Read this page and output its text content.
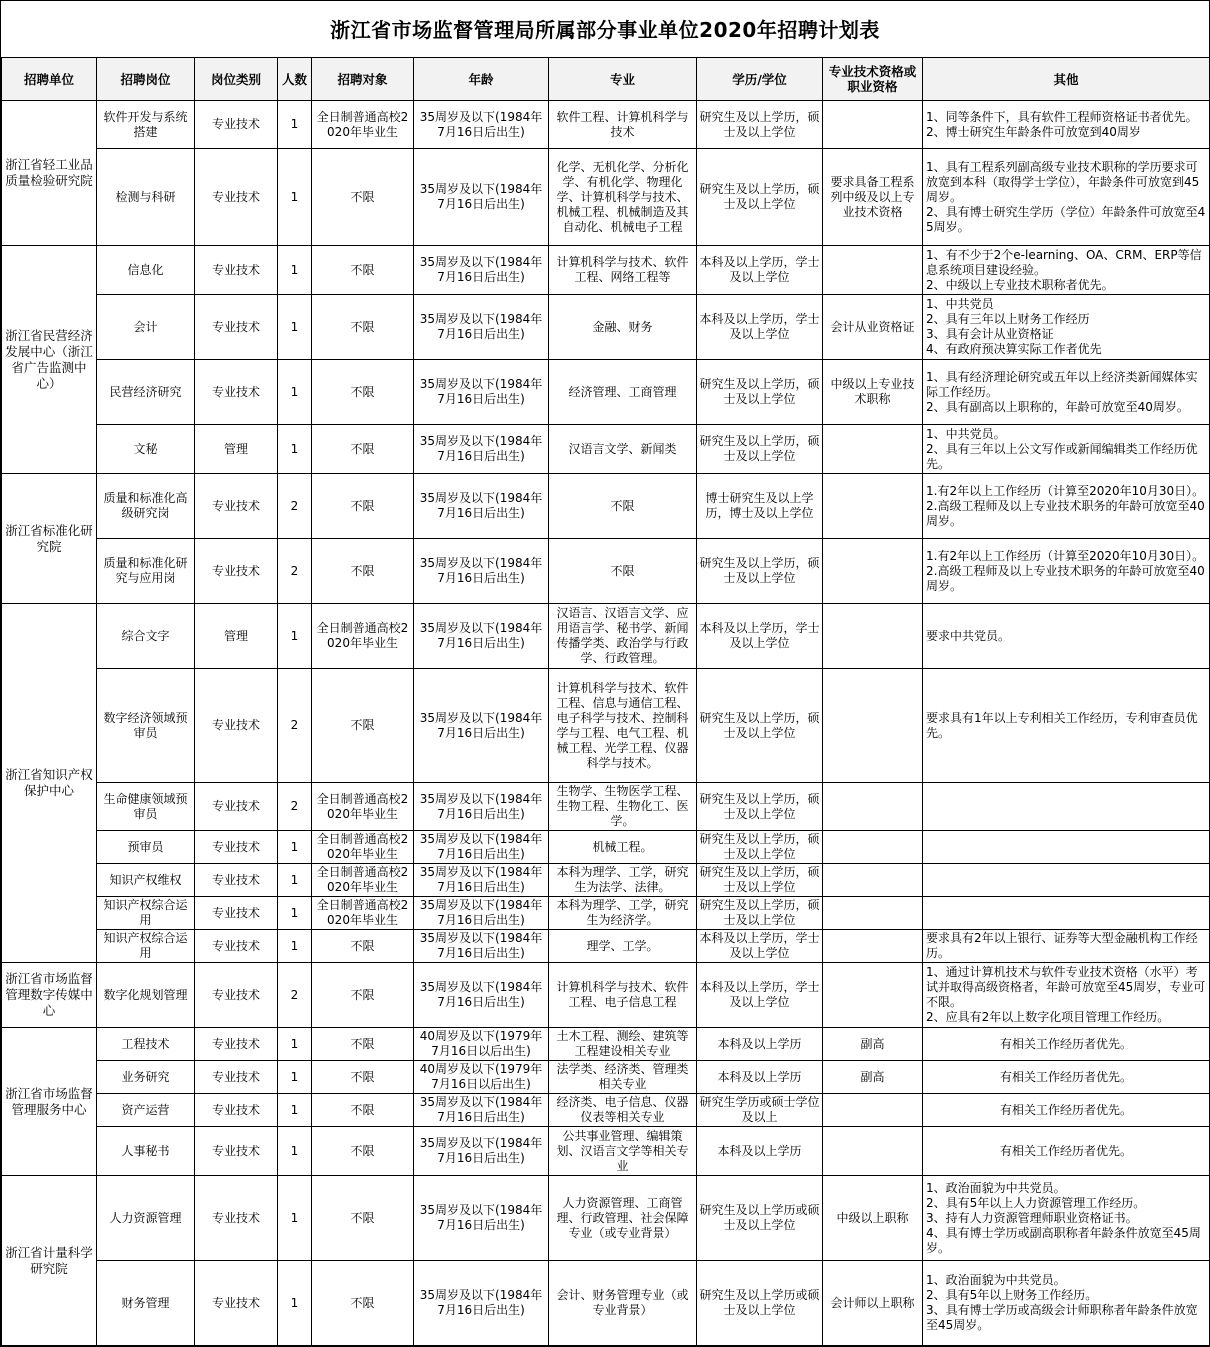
浙江省市场监督管理局所属部分事业单位2020年招聘计划表
招聘单位	招聘岗位	岗位类别	人数	招聘对象	年龄	专业	学历/学位	专业技术资格或职业资格	其他
浙江省轻工业品质量检验研究院	软件开发与系统搭建	专业技术	1	全日制普通高校2020年毕业生	35周岁及以下(1984年7月16日后出生)	软件工程、计算机科学与技术	研究生及以上学历，硕士及以上学位		1、同等条件下，具有软件工程师资格证书者优先。
2、博士研究生年龄条件可放宽到40周岁

	检测与科研	专业技术	1	不限	35周岁及以下(1984年7月16日后出生)	化学、无机化学、分析化学、有机化学、物理化学、计算机科学与技术、机械工程、机械制造及其自动化、机械电子工程	研究生及以上学历，硕士及以上学位	要求具备工程系列中级及以上专业技术资格	1、具有工程系列副高级专业技术职称的学历要求可放宽到本科（取得学士学位），年龄条件可放宽到45周岁。
2、具有博士研究生学历（学位）年龄条件可放宽至45周岁。

浙江省民营经济发展中心（浙江省广告监测中心）	信息化	专业技术	1	不限	35周岁及以下(1984年7月16日后出生)	计算机科学与技术、软件工程、网络工程等	本科及以上学历，学士及以上学位		1、有不少于2个e-learning、OA、CRM、ERP等信息系统项目建设经验。
2、中级以上专业技术职称者优先。

	会计	专业技术	1	不限	35周岁及以下(1984年7月16日后出生)	金融、财务	本科及以上学历，学士及以上学位	会计从业资格证	1、中共党员
2、具有三年以上财务工作经历
3、具有会计从业资格证
4、有政府预决算实际工作者优先

	民营经济研究	专业技术	1	不限	35周岁及以下(1984年7月16日后出生)	经济管理、工商管理	研究生及以上学历，硕士及以上学位	中级以上专业技术职称	1、具有经济理论研究或五年以上经济类新闻媒体实际工作经历。
2、具有副高以上职称的，年龄可放宽至40周岁。

	文秘	管理	1	不限	35周岁及以下(1984年7月16日后出生)	汉语言文学、新闻类	研究生及以上学历，硕士及以上学位		1、中共党员。
2、具有三年以上公文写作或新闻编辑类工作经历优先。

浙江省标准化研究院	质量和标准化高级研究岗	专业技术	2	不限	35周岁及以下(1984年7月16日后出生)	不限	博士研究生及以上学历，博士及以上学位		1.有2年以上工作经历（计算至2020年10月30日）。
2.高级工程师及以上专业技术职务的年龄可放宽至40周岁。

	质量和标准化研究与应用岗	专业技术	2	不限	35周岁及以下(1984年7月16日后出生)	不限	研究生及以上学历，硕士及以上学位		1.有2年以上工作经历（计算至2020年10月30日）。
2.高级工程师及以上专业技术职务的年龄可放宽至40周岁。

浙江省知识产权保护中心	综合文字	管理	1	全日制普通高校2020年毕业生	35周岁及以下(1984年7月16日后出生)	汉语言、汉语言文学、应用语言学、秘书学、新闻传播学类、政治学与行政学、行政管理。	本科及以上学历，学士及以上学位		要求中共党员。

	数字经济领域预审员	专业技术	2	不限	35周岁及以下(1984年7月16日后出生)	计算机科学与技术、软件工程、信息与通信工程、电子科学与技术、控制科学与工程、电气工程、机械工程、光学工程、仪器科学与技术。	研究生及以上学历，硕士及以上学位		要求具有1年以上专利相关工作经历，专利审查员优先。

	生命健康领域预审员	专业技术	2	全日制普通高校2020年毕业生	35周岁及以下(1984年7月16日后出生)	生物学、生物医学工程、生物工程、生物化工、医学。	研究生及以上学历，硕士及以上学位		
	预审员	专业技术	1	全日制普通高校2020年毕业生	35周岁及以下(1984年7月16日后出生)	机械工程。	研究生及以上学历，硕士及以上学位		
	知识产权维权	专业技术	1	全日制普通高校2020年毕业生	35周岁及以下(1984年7月16日后出生)	本科为理学、工学，研究生为法学、法律。	研究生及以上学历，硕士及以上学位		
	知识产权综合运用	专业技术	1	全日制普通高校2020年毕业生	35周岁及以下(1984年7月16日后出生)	本科为理学、工学，研究生为经济学。	研究生及以上学历，硕士及以上学位		
	知识产权综合运用	专业技术	1	不限	35周岁及以下(1984年7月16日后出生)	理学、工学。	本科及以上学历，学士及以上学位		要求具有2年以上银行、证券等大型金融机构工作经历。

浙江省市场监督管理数字传媒中心	数字化规划管理	专业技术	2	不限	35周岁及以下(1984年7月16日后出生)	计算机科学与技术、软件工程、电子信息工程	本科及以上学历，学士及以上学位		1、通过计算机技术与软件专业技术资格（水平）考试并取得高级资格者，年龄可放宽至45周岁，专业可不限。
2、应具有2年以上数字化项目管理工作经历。

浙江省市场监督管理服务中心	工程技术	专业技术	1	不限	40周岁及以下(1979年7月16日以后出生)	土木工程、测绘、建筑等工程建设相关专业	本科及以上学历	副高	有相关工作经历者优先。

	业务研究	专业技术	1	不限	40周岁及以下(1979年7月16日以后出生)	法学类、经济类、管理类相关专业	本科及以上学历	副高	有相关工作经历者优先。

	资产运营	专业技术	1	不限	35周岁及以下(1984年7月16日后出生)	经济类、电子信息、仪器仪表等相关专业	研究生学历或硕士学位及以上		有相关工作经历者优先。

	人事秘书	专业技术	1	不限	35周岁及以下(1984年7月16日后出生)	公共事业管理、编辑策划、汉语言文学等相关专业	本科及以上学历		有相关工作经历者优先。

浙江省计量科学研究院	人力资源管理	专业技术	1	不限	35周岁及以下(1984年7月16日后出生)	人力资源管理、工商管理、行政管理、社会保障专业（或专业背景）	研究生及以上学历或硕士及以上学位	中级以上职称	1、政治面貌为中共党员。
2、具有5年以上人力资源管理工作经历。
3、持有人力资源管理师职业资格证书。
4、具有博士学历或副高职称者年龄条件放宽至45周岁。

	财务管理	专业技术	1	不限	35周岁及以下(1984年7月16日后出生)	会计、财务管理专业（或专业背景）	研究生及以上学历或硕士及以上学位	会计师以上职称	1、政治面貌为中共党员。
2、具有5年以上财务工作经历。
3、具有博士学历或高级会计师职称者年龄条件放宽至45周岁。
